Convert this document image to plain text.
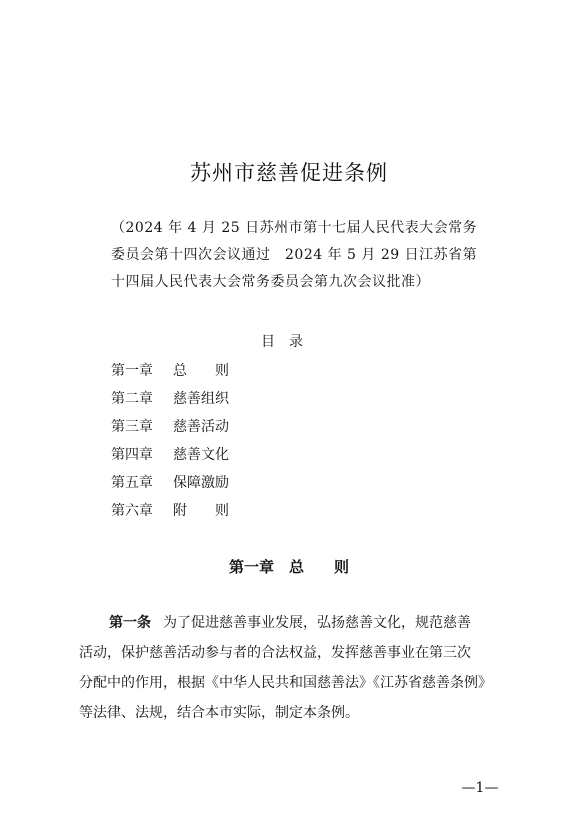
苏州市慈善促进条例
（2024 年 4 月 25 日苏州市第十七届人民代表大会常务
委员会第十四次会议通过　2024 年 5 月 29 日江苏省第
十四届人民代表大会常务委员会第九次会议批准）
目录
第一章 总　　则
第二章 慈善组织
第三章 慈善活动
第四章 慈善文化
第五章 保障激励
第六章 附　　则
第一章　总　　则
第一条 为了促进慈善事业发展，弘扬慈善文化，规范慈善
活动，保护慈善活动参与者的合法权益，发挥慈善事业在第三次
分配中的作用，根据《中华人民共和国慈善法》《江苏省慈善条例》
等法律、法规，结合本市实际，制定本条例。
—1—
